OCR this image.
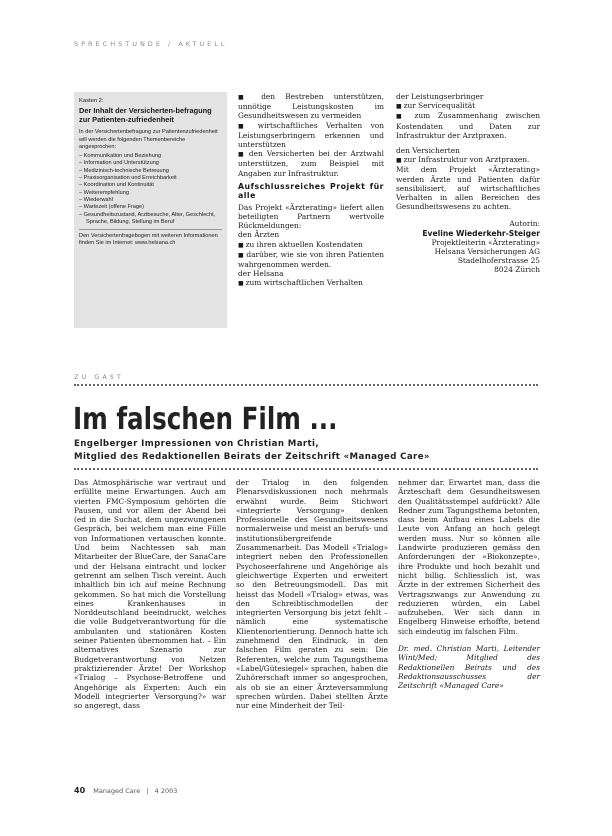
SPRECHSTUNDE / AKTUELL
Kasten 2:
Der Inhalt der Versicherten-befragung zur Patienten-zufriedenheit

In der Versichertenbefragung zur Patientenzufriedenheit will werden die folgenden Themenbereiche angesprochen:

– Kommunikation und Beziehung
– Information und Unterstützung
– Medizinisch-technische Betreuung
– Praxisorganisation und Erreichbarkeit
– Koordination und Kontinuität
– Weiterempfehlung
– Wiederwahl
– Wartezeit (offene Frage)
– Gesundheitszustand, Arztbesuche, Alter, Geschlecht, Sprache, Bildung, Stellung im Beruf

Den Versichertenfragebogen mit weiteren Informationen finden Sie im Internet: www.helsana.ch

■ den Bestreben unterstützen, unnötige Leistungskosten im Gesundheitswesen zu vermeiden

■ wirtschaftliches Verhalten von Leistungserbringern erkennen und unterstützen

■ den Versicherten bei der Arztwahl unterstützen, zum Beispiel mit Angaben zur Infrastruktur.

Aufschlussreiches Projekt für alle

Das Projekt «Ärzterating» liefert allen beteiligten Partnern wertvolle Rückmeldungen:

den Ärzten

■ zu ihren aktuellen Kostendaten

■ darüber, wie sie von ihren Patienten wahrgenommen werden.

der Helsana

■ zum wirtschaftlichen Verhalten

der Leistungserbringer

■ zur Servicequalität

■ zum Zusammenhang zwischen Kostendaten und Daten zur Infrastruktur der Arztpraxen.

den Versicherten

■ zur Infrastruktur von Arztpraxen.

Mit dem Projekt «Ärzterating» werden Ärzte und Patienten dafür sensibilisiert, auf wirtschaftliches Verhalten in allen Bereichen des Gesundheitswesens zu achten.

Autorin:

Eveline Wiederkehr-Steiger

Projektleiterin «Ärzterating»

Helsana Versicherungen AG

Stadelhoferstrasse 25

8024 Zürich

ZU GAST
Im falschen Film ...
Engelberger Impressionen von Christian Marti,
Mitglied des Redaktionellen Beirats der Zeitschrift «Managed Care»

Das Atmosphärische war vertraut und erfüllte meine Erwartungen. Auch am vierten FMC-Symposium gehörten die Pausen, und vor allem der Abend bei (ed in die Suchat, dem ungezwungenen Gespräch, bei welchem man eine Fülle von Informationen vertauschen konnte. Und beim Nachtessen sah man Mitarbeiter der BlueCare, der SanaCare und der Helsana eintracht und locker getrennt am selben Tisch vereint. Auch inhaltlich bin ich auf meine Rechnung gekommen. So hat mich die Vorstellung eines Krankenhauses in Norddeutschland beeindruckt, welches die volle Budgetverantwortung für die ambulanten und stationären Kosten seiner Patienten übernommen hat. – Ein alternatives Szenario zur Budgetverantwortung von Netzen praktizierender Ärzte! Der Workshop «Trialog – Psychose-Betroffene und Angehörige als Experten: Auch ein Modell integrierter Versorgung?» war so angeregt, dass

der Trialog in den folgenden Plenarsvdiskussionen noch mehrmals erwähnt wurde. Beim Stichwort «integrierte Versorgung» denken Professionelle des Gesundheitswesens normalerweise und meist an berufs- und institutionsübergreifende Zusammenarbeit. Das Modell «Trialog» integriert neben den Professionellen Psychoseerfahrene und Angehörige als gleichwertige Experten und erweitert so den Betreuungsmodell. Das mit heisst das Modell «Trialog» etwas, was den Schreibtischmodellen der integrierten Versorgung bis jetzt fehlt – nämlich eine systematische Klientenorientierung. Dennoch hatte ich zunehmend den Eindruck, in den falschen Film geraten zu sein: Die Referenten, welche zum Tagungsthema «Label/Gütesiegel» sprachen, haben die Zuhörerschaft immer so angesprochen, als ob sie an einer Ärzteversammlung sprechen würden. Dabei stellten Ärzte nur eine Minderheit der Teil-

nehmer dar. Erwartet man, dass die Ärzteschaft dem Gesundheitswesen den Qualitätsstempel aufdrückt? Alle Redner zum Tagungsthema betonten, dass beim Aufbau eines Labels die Leute von Anfang an hoch gelegt werden muss. Nur so können alle Landwirte produzieren gemäss den Anforderungen der «Biokonzepte», ihre Produkte und hoch bezahlt und nicht billig. Schliesslich ist, was Ärzte in der extremen Sicherheit des Vertragszwangs zur Anwendung zu reduzieren würden, ein Label aufzuheben. Wer sich dann in Engelberg Hinweise erhoffte, betend sich eindeutig im falschen Film.

Dr. med. Christian Marti, Leitender Wint/Med; Mitglied des Redaktionellen Beirats und des Redaktionsausschusses der Zeitschrift «Managed Care»

40 Managed Care | 4 2003
